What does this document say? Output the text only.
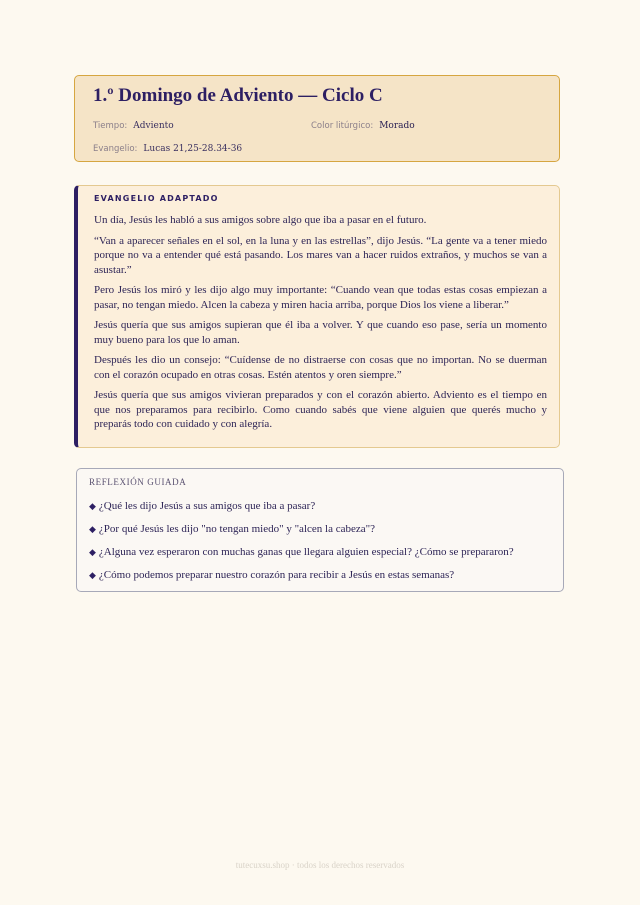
1.º Domingo de Adviento — Ciclo C
Tiempo: Adviento	Color litúrgico: Morado
Evangelio: Lucas 21,25-28.34-36
EVANGELIO ADAPTADO

Un día, Jesús les habló a sus amigos sobre algo que iba a pasar en el futuro.

“Van a aparecer señales en el sol, en la luna y en las estrellas”, dijo Jesús. “La gente va a tener miedo porque no va a entender qué está pasando. Los mares van a hacer ruidos extraños, y muchos se van a asustar.”

Pero Jesús los miró y les dijo algo muy importante: “Cuando vean que todas estas cosas empiezan a pasar, no tengan miedo. Alcen la cabeza y miren hacia arriba, porque Dios los viene a liberar.”

Jesús quería que sus amigos supieran que él iba a volver. Y que cuando eso pase, sería un momento muy bueno para los que lo aman.

Después les dio un consejo: “Cuídense de no distraerse con cosas que no importan. No se duerman con el corazón ocupado en otras cosas. Estén atentos y oren siempre.”

Jesús quería que sus amigos vivieran preparados y con el corazón abierto. Adviento es el tiempo en que nos preparamos para recibirlo. Como cuando sabés que viene alguien que querés mucho y preparás todo con cuidado y con alegría.

REFLEXIÓN GUIADA
◆ ¿Qué les dijo Jesús a sus amigos que iba a pasar?
◆ ¿Por qué Jesús les dijo "no tengan miedo" y "alcen la cabeza"?
◆ ¿Alguna vez esperaron con muchas ganas que llegara alguien especial? ¿Cómo se prepararon?
◆ ¿Cómo podemos preparar nuestro corazón para recibir a Jesús en estas semanas?
tutecuxsu.shop · todos los derechos reservados
